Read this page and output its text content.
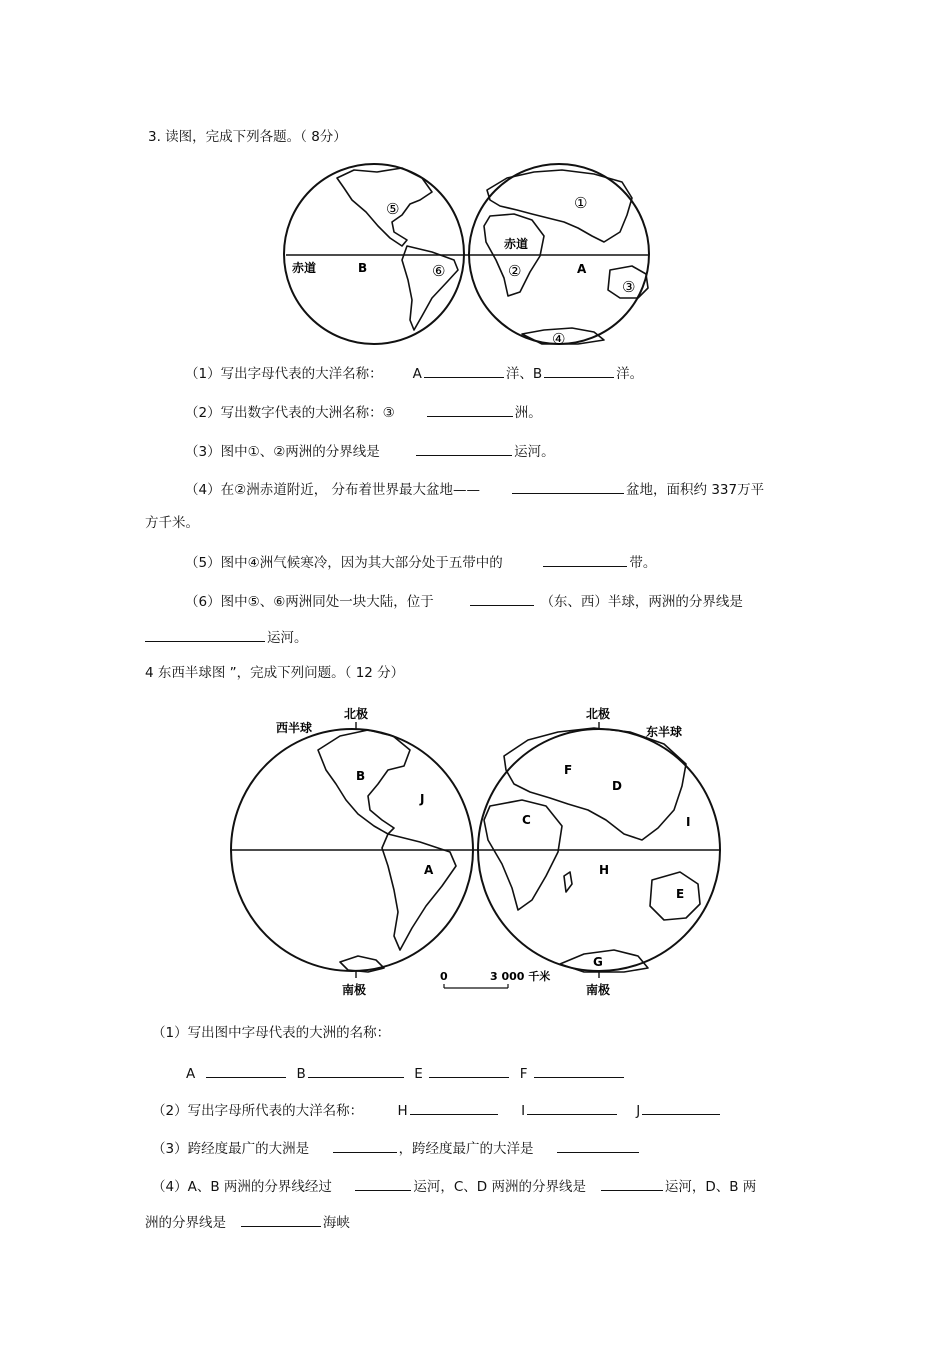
3. 读图，完成下列各题。（ 8分）
赤道
赤道
B	A
①
②
③
④
⑤
⑥
（1）写出字母代表的大洋名称： A	洋、B	洋。
（2）写出数字代表的大洲名称：③	洲。
（3）图中①、②两洲的分界线是	运河。
（4）在②洲赤道附近， 分布着世界最大盆地——	盆地，面积约 337万平
方千米。
（5）图中④洲气候寒冷，因为其大部分处于五带中的	带。
（6）图中⑤、⑥两洲同处一块大陆，位于	（东、西）半球，两洲的分界线是
运河。
4 东西半球图 ”，完成下列问题。（ 12 分）
西半球	东半球
北极	北极
南极	南极
A
B
C
D
E
F
G
H
I
J
0	3 000 千米
（1）写出图中字母代表的大洲的名称：
A	B	E	F
（2）写出字母所代表的大洋名称：	H	I	J
（3）跨经度最广的大洲是	，跨经度最广的大洋是
（4）A、B 两洲的分界线经过	运河，C、D 两洲的分界线是	运河，D、B 两
洲的分界线是	海峡
